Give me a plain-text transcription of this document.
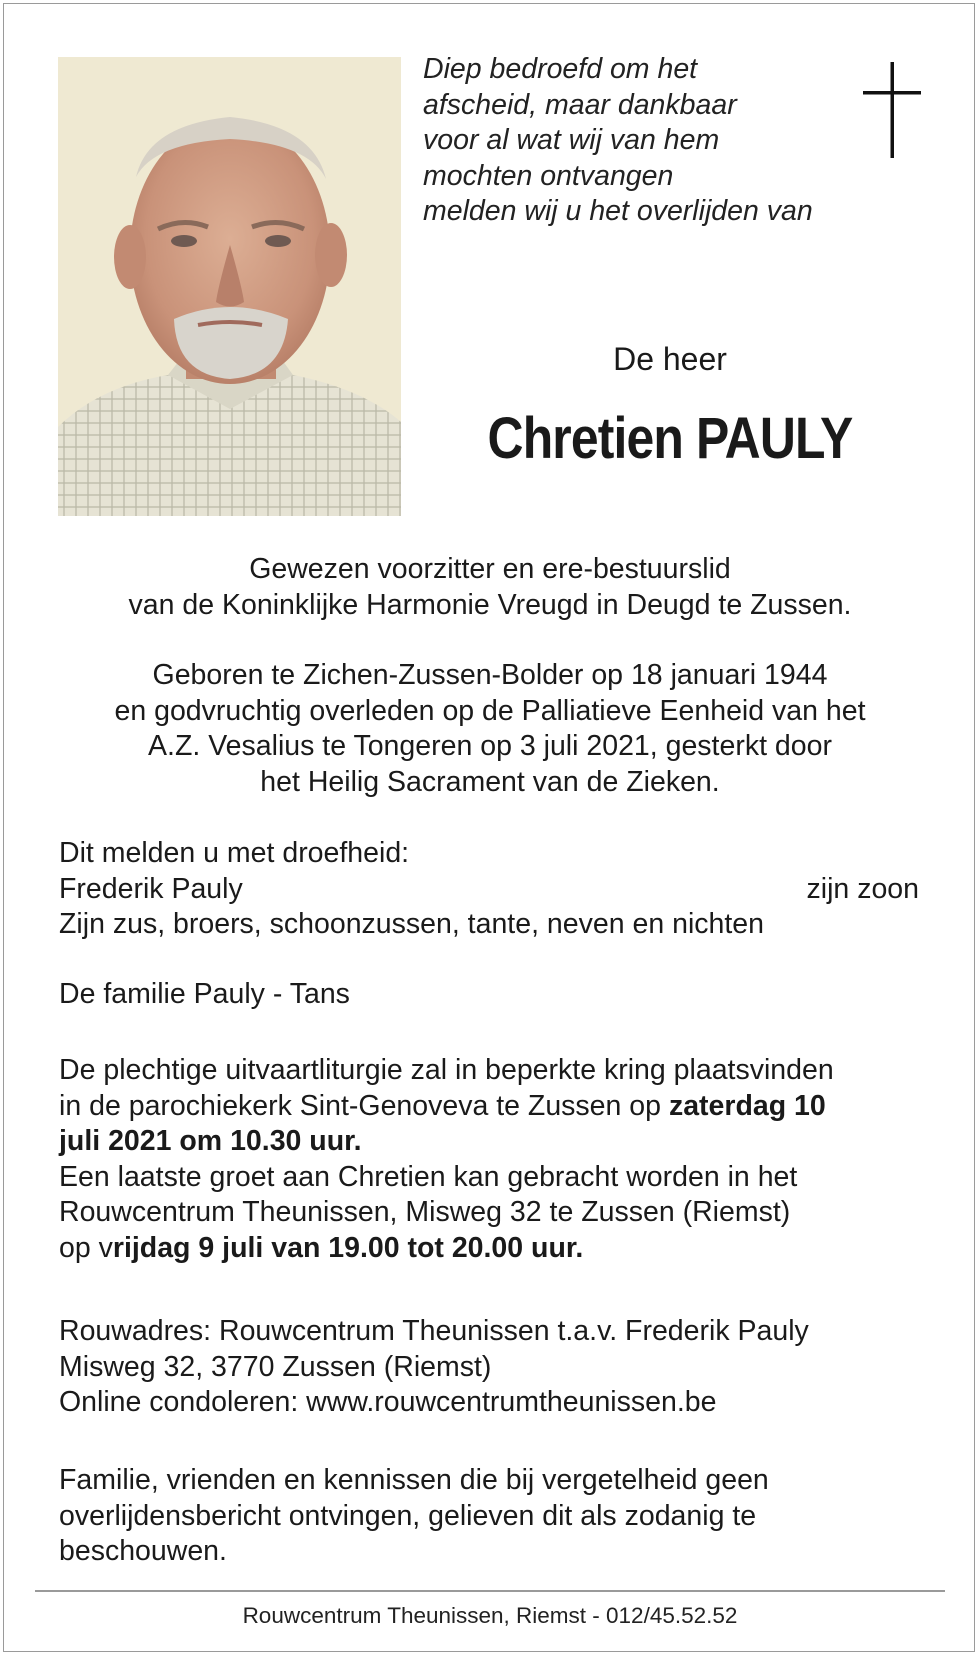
Diep bedroefd om het
afscheid, maar dankbaar
voor al wat wij van hem
mochten ontvangen
melden wij u het overlijden van
De heer
Chretien PAULY
Gewezen voorzitter en ere-bestuurslid
van de Koninklijke Harmonie Vreugd in Deugd te Zussen.
Geboren te Zichen-Zussen-Bolder op 18 januari 1944
en godvruchtig overleden op de Palliatieve Eenheid van het
A.Z. Vesalius te Tongeren op 3 juli 2021, gesterkt door
het Heilig Sacrament van de Zieken.
Dit melden u met droefheid:
Frederik Pauly	zijn zoon
Zijn zus, broers, schoonzussen, tante, neven en nichten
De familie Pauly - Tans
De plechtige uitvaartliturgie zal in beperkte kring plaatsvinden
in de parochiekerk Sint-Genoveva te Zussen op zaterdag 10
juli 2021 om 10.30 uur.
Een laatste groet aan Chretien kan gebracht worden in het
Rouwcentrum Theunissen, Misweg 32 te Zussen (Riemst)
op vrijdag 9 juli van 19.00 tot 20.00 uur.
Rouwadres: Rouwcentrum Theunissen t.a.v. Frederik Pauly
Misweg 32, 3770 Zussen (Riemst)
Online condoleren: www.rouwcentrumtheunissen.be
Familie, vrienden en kennissen die bij vergetelheid geen
overlijdensbericht ontvingen, gelieven dit als zodanig te
beschouwen.
Rouwcentrum Theunissen, Riemst - 012/45.52.52
